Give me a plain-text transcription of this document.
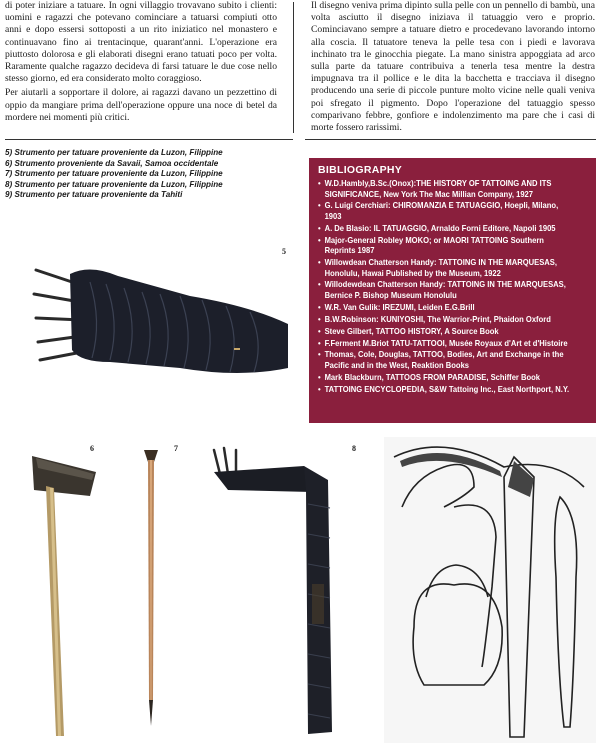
di poter iniziare a tatuare. In ogni villaggio trovavano subito i clienti: uomini e ragazzi che potevano cominciare a tatuarsi compiuti otto anni e dopo essersi sottoposti a un rito iniziatico nel monastero e continuavano fino ai trentacinque, quarant'anni. L'operazione era piuttosto dolorosa e gli elaborati disegni erano tatuati poco per volta. Raramente qualche ragazzo decideva di farsi tatuare le due cose nello stesso giorno, ed era considerato molto coraggioso.

Per aiutarli a sopportare il dolore, ai ragazzi davano un pezzettino di oppio da mangiare prima dell'operazione oppure una noce di betel da mordere nei momenti più critici.

Il disegno veniva prima dipinto sulla pelle con un pennello di bambù, una volta asciutto il disegno iniziava il tatuaggio vero e proprio. Cominciavano sempre a tatuare dietro e procedevano lavorando intorno alla coscia. Il tatuatore teneva la pelle tesa con i piedi e lavorava inchinato tra le ginocchia piegate. La mano sinistra appoggiata ad arco sulla parte da tatuare contribuiva a tenerla tesa mentre la destra impugnava tra il pollice e le dita la bacchetta e tracciava il disegno producendo una serie di piccole punture molto vicine nelle quali veniva poi sfregato il pigmento. Dopo l'operazione del tatuaggio spesso comparivano febbre, gonfiore e indolenzimento ma pare che i casi di morte fossero rarissimi.

5) Strumento per tatuare proveniente da Luzon, Filippine
6) Strumento proveniente da Savaii, Samoa occidentale
7) Strumento per tatuare proveniente da Luzon, Filippine
8) Strumento per tatuare proveniente da Luzon, Filippine
9) Strumento per tatuare proveniente da Tahiti
BIBLIOGRAPHY
• W.D.Hambly,B.Sc.(Onox):THE HISTORY OF TATTOING AND ITS SIGNIFICANCE, New York The Mac Millian Company, 1927
• G. Luigi Cerchiari: CHIROMANZIA E TATUAGGIO, Hoepli, Milano, 1903
• A. De Blasio: IL TATUAGGIO, Arnaldo Forni Editore, Napoli 1905
• Major-General Robley MOKO; or MAORI TATTOING Southern Reprints 1987
• Willowdean Chatterson Handy: TATTOING IN THE MARQUESAS, Honolulu, Hawai Published by the Museum, 1922
• Willodewdean Chatterson Handy: TATTOING IN THE MARQUESAS, Bernice P. Bishop Museum Honolulu
• W.R. Van Gulik: IREZUMI, Leiden E.G.Brill
• B.W.Robinson: KUNIYOSHI, The Warrior-Print, Phaidon Oxford
• Steve Gilbert, TATTOO HISTORY, A Source Book
• F.Ferment M.Briot TATU-TATTOOI, Musée Royaux d'Art et d'Histoire
• Thomas, Cole, Douglas, TATTOO, Bodies, Art and Exchange in the Pacific and in the West, Reaktion Books
• Mark Blackburn, TATTOOS FROM PARADISE, Schiffer Book
• TATTOING ENCYCLOPEDIA, S&W Tattoing Inc., East Northport, N.Y.
5
6	7	8
